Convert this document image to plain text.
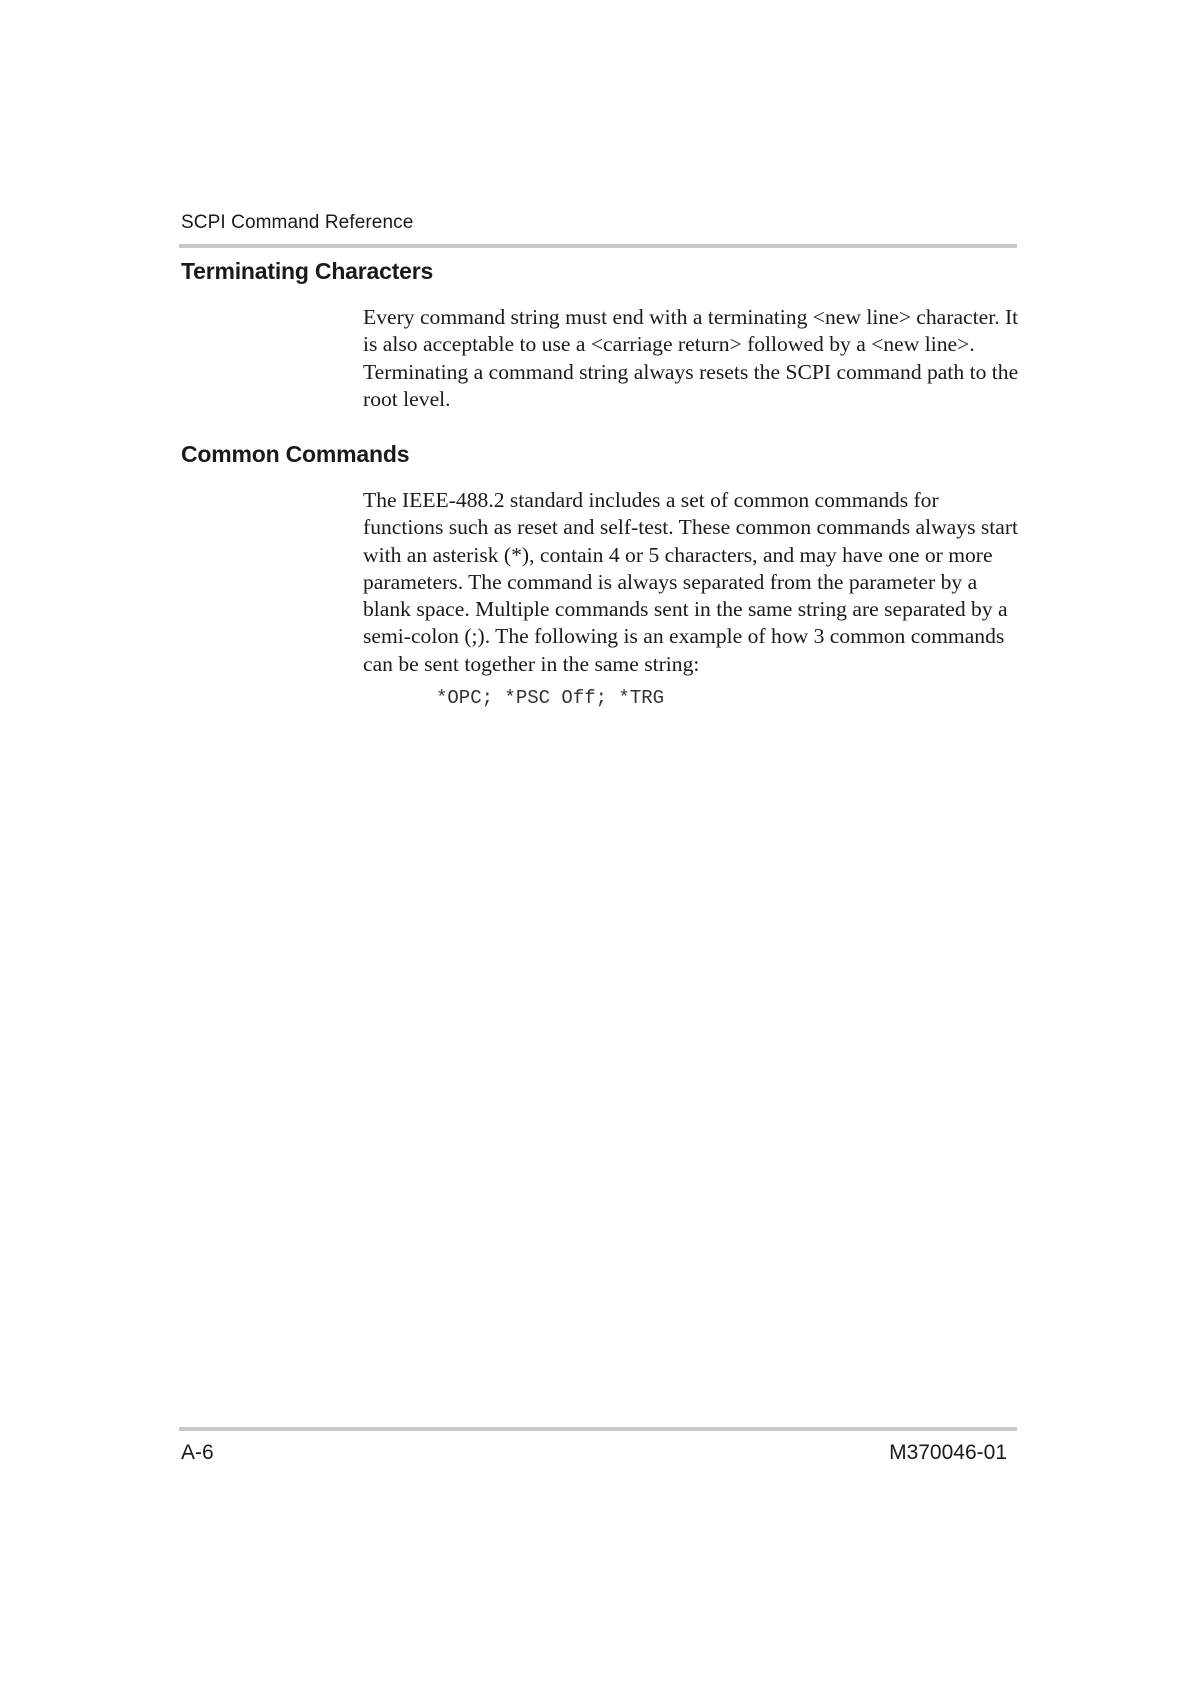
SCPI Command Reference
Terminating Characters

Every command string must end with a terminating <new line> character. It is also acceptable to use a <carriage return> followed by a <new line>. Terminating a command string always resets the SCPI command path to the root level.

Common Commands

The IEEE-488.2 standard includes a set of common commands for functions such as reset and self-test. These common commands always start with an asterisk (*), contain 4 or 5 characters, and may have one or more parameters. The command is always separated from the parameter by a blank space. Multiple commands sent in the same string are separated by a semi-colon (;). The following is an example of how 3 common commands can be sent together in the same string:

*OPC; *PSC Off; *TRG
A-6	M370046-01
